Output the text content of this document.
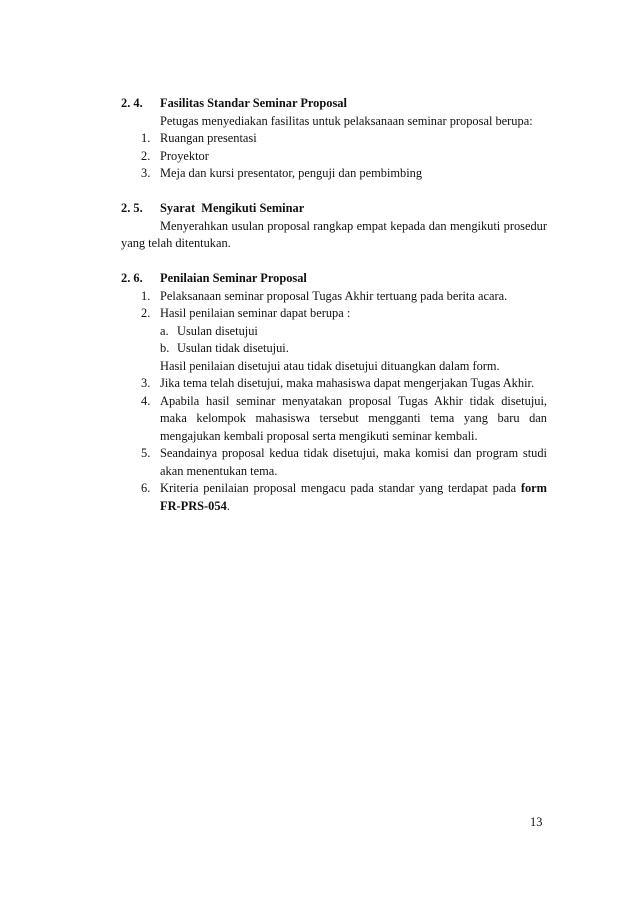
2. 4. Fasilitas Standar Seminar Proposal
Petugas menyediakan fasilitas untuk pelaksanaan seminar proposal berupa:
1. Ruangan presentasi
2. Proyektor
3. Meja dan kursi presentator, penguji dan pembimbing
2. 5. Syarat  Mengikuti Seminar
Menyerahkan usulan proposal rangkap empat kepada dan mengikuti prosedur yang telah ditentukan.
2. 6. Penilaian Seminar Proposal
1. Pelaksanaan seminar proposal Tugas Akhir tertuang pada berita acara.
2. Hasil penilaian seminar dapat berupa :
a. Usulan disetujui
b. Usulan tidak disetujui.
Hasil penilaian disetujui atau tidak disetujui dituangkan dalam form.
3. Jika tema telah disetujui, maka mahasiswa dapat mengerjakan Tugas Akhir.
4. Apabila hasil seminar menyatakan proposal Tugas Akhir tidak disetujui, maka kelompok mahasiswa tersebut mengganti tema yang baru dan mengajukan kembali proposal serta mengikuti seminar kembali.
5. Seandainya proposal kedua tidak disetujui, maka komisi dan program studi akan menentukan tema.
6. Kriteria penilaian proposal mengacu pada standar yang terdapat pada form FR-PRS-054.
13
